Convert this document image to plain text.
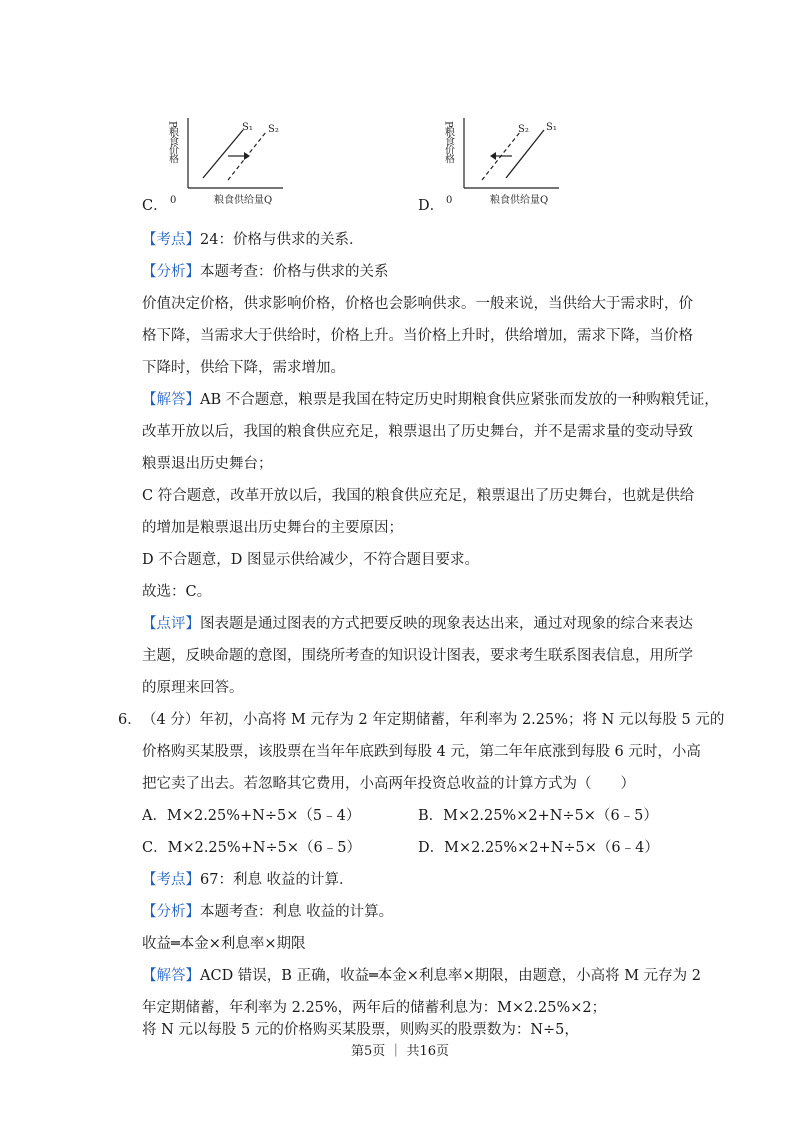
C．
P粮食价格
0	粮食供给量Q
S₁ S₂
D．
P粮食价格
0	粮食供给量Q
S₂ S₁
【考点】24：价格与供求的关系．
【分析】本题考查：价格与供求的关系
价值决定价格，供求影响价格，价格也会影响供求。一般来说，当供给大于需求时，价
格下降，当需求大于供给时，价格上升。当价格上升时，供给增加，需求下降，当价格
下降时，供给下降，需求增加。
【解答】AB 不合题意，粮票是我国在特定历史时期粮食供应紧张而发放的一种购粮凭证，
改革开放以后，我国的粮食供应充足，粮票退出了历史舞台，并不是需求量的变动导致
粮票退出历史舞台；
C 符合题意，改革开放以后，我国的粮食供应充足，粮票退出了历史舞台，也就是供给
的增加是粮票退出历史舞台的主要原因；
D 不合题意，D 图显示供给减少，不符合题目要求。
故选：C。
【点评】图表题是通过图表的方式把要反映的现象表达出来，通过对现象的综合来表达
主题，反映命题的意图，围绕所考查的知识设计图表，要求考生联系图表信息，用所学
的原理来回答。
6． （4 分）年初，小高将 M 元存为 2 年定期储蓄，年利率为 2.25%；将 N 元以每股 5 元的
价格购买某股票，该股票在当年年底跌到每股 4 元，第二年年底涨到每股 6 元时，小高
把它卖了出去。若忽略其它费用，小高两年投资总收益的计算方式为（　　）
A．M×2.25%+N÷5×（5﹣4）	B．M×2.25%×2+N÷5×（6﹣5）
C．M×2.25%+N÷5×（6﹣5）	D．M×2.25%×2+N÷5×（6﹣4）
【考点】67：利息 收益的计算．
【分析】本题考查：利息 收益的计算。
收益═本金×利息率×期限
【解答】ACD 错误，B 正确，收益═本金×利息率×期限，由题意，小高将 M 元存为 2
年定期储蓄，年利率为 2.25%，两年后的储蓄利息为：M×2.25%×2；
将 N 元以每股 5 元的价格购买某股票，则购买的股票数为：N÷5，
第5页 ｜ 共16页
